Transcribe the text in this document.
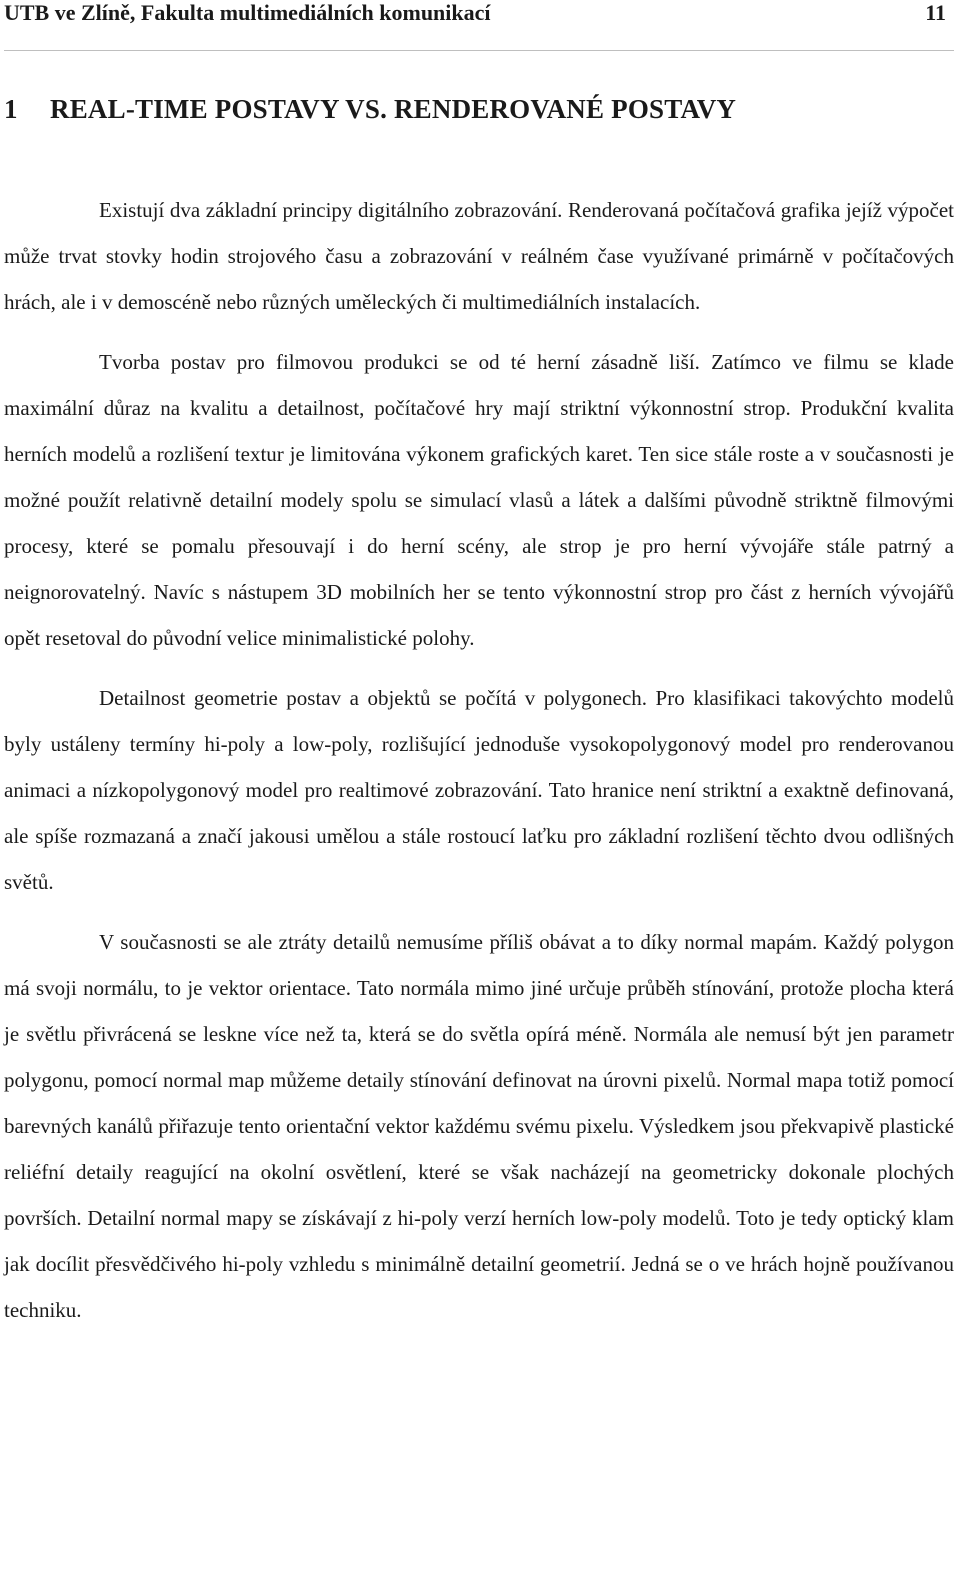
UTB ve Zlíně, Fakulta multimediálních komunikací	11
1	REAL-TIME POSTAVY VS. RENDEROVANÉ POSTAVY

Existují dva základní principy digitálního zobrazování. Renderovaná počítačová grafika jejíž výpočet může trvat stovky hodin strojového času a zobrazování v reálném čase využívané primárně v počítačových hrách, ale i v demoscéně nebo různých uměleckých či multimediálních instalacích.

Tvorba postav pro filmovou produkci se od té herní zásadně liší. Zatímco ve filmu se klade maximální důraz na kvalitu a detailnost, počítačové hry mají striktní výkonnostní strop. Produkční kvalita herních modelů a rozlišení textur je limitována výkonem grafických karet. Ten sice stále roste a v současnosti je možné použít relativně detailní modely spolu se simulací vlasů a látek a dalšími původně striktně filmovými procesy, které se pomalu přesouvají i do herní scény, ale strop je pro herní vývojáře stále patrný a neignorovatelný. Navíc s nástupem 3D mobilních her se tento výkonnostní strop pro část z herních vývojářů opět resetoval do původní velice minimalistické polohy.

Detailnost geometrie postav a objektů se počítá v polygonech. Pro klasifikaci takovýchto modelů byly ustáleny termíny hi-poly a low-poly, rozlišující jednoduše vysokopolygonový model pro renderovanou animaci a nízkopolygonový model pro realtimové zobrazování. Tato hranice není striktní a exaktně definovaná, ale spíše rozmazaná a značí jakousi umělou a stále rostoucí laťku pro základní rozlišení těchto dvou odlišných světů.

V současnosti se ale ztráty detailů nemusíme příliš obávat a to díky normal mapám. Každý polygon má svoji normálu, to je vektor orientace. Tato normála mimo jiné určuje průběh stínování, protože plocha která je světlu přivrácená se leskne více než ta, která se do světla opírá méně. Normála ale nemusí být jen parametr polygonu, pomocí normal map můžeme detaily stínování definovat na úrovni pixelů. Normal mapa totiž pomocí barevných kanálů přiřazuje tento orientační vektor každému svému pixelu. Výsledkem jsou překvapivě plastické reliéfní detaily reagující na okolní osvětlení, které se však nacházejí na geometricky dokonale plochých površích. Detailní normal mapy se získávají z hi-poly verzí herních low-poly modelů. Toto je tedy optický klam jak docílit přesvědčivého hi-poly vzhledu s minimálně detailní geometrií. Jedná se o ve hrách hojně používanou techniku.
